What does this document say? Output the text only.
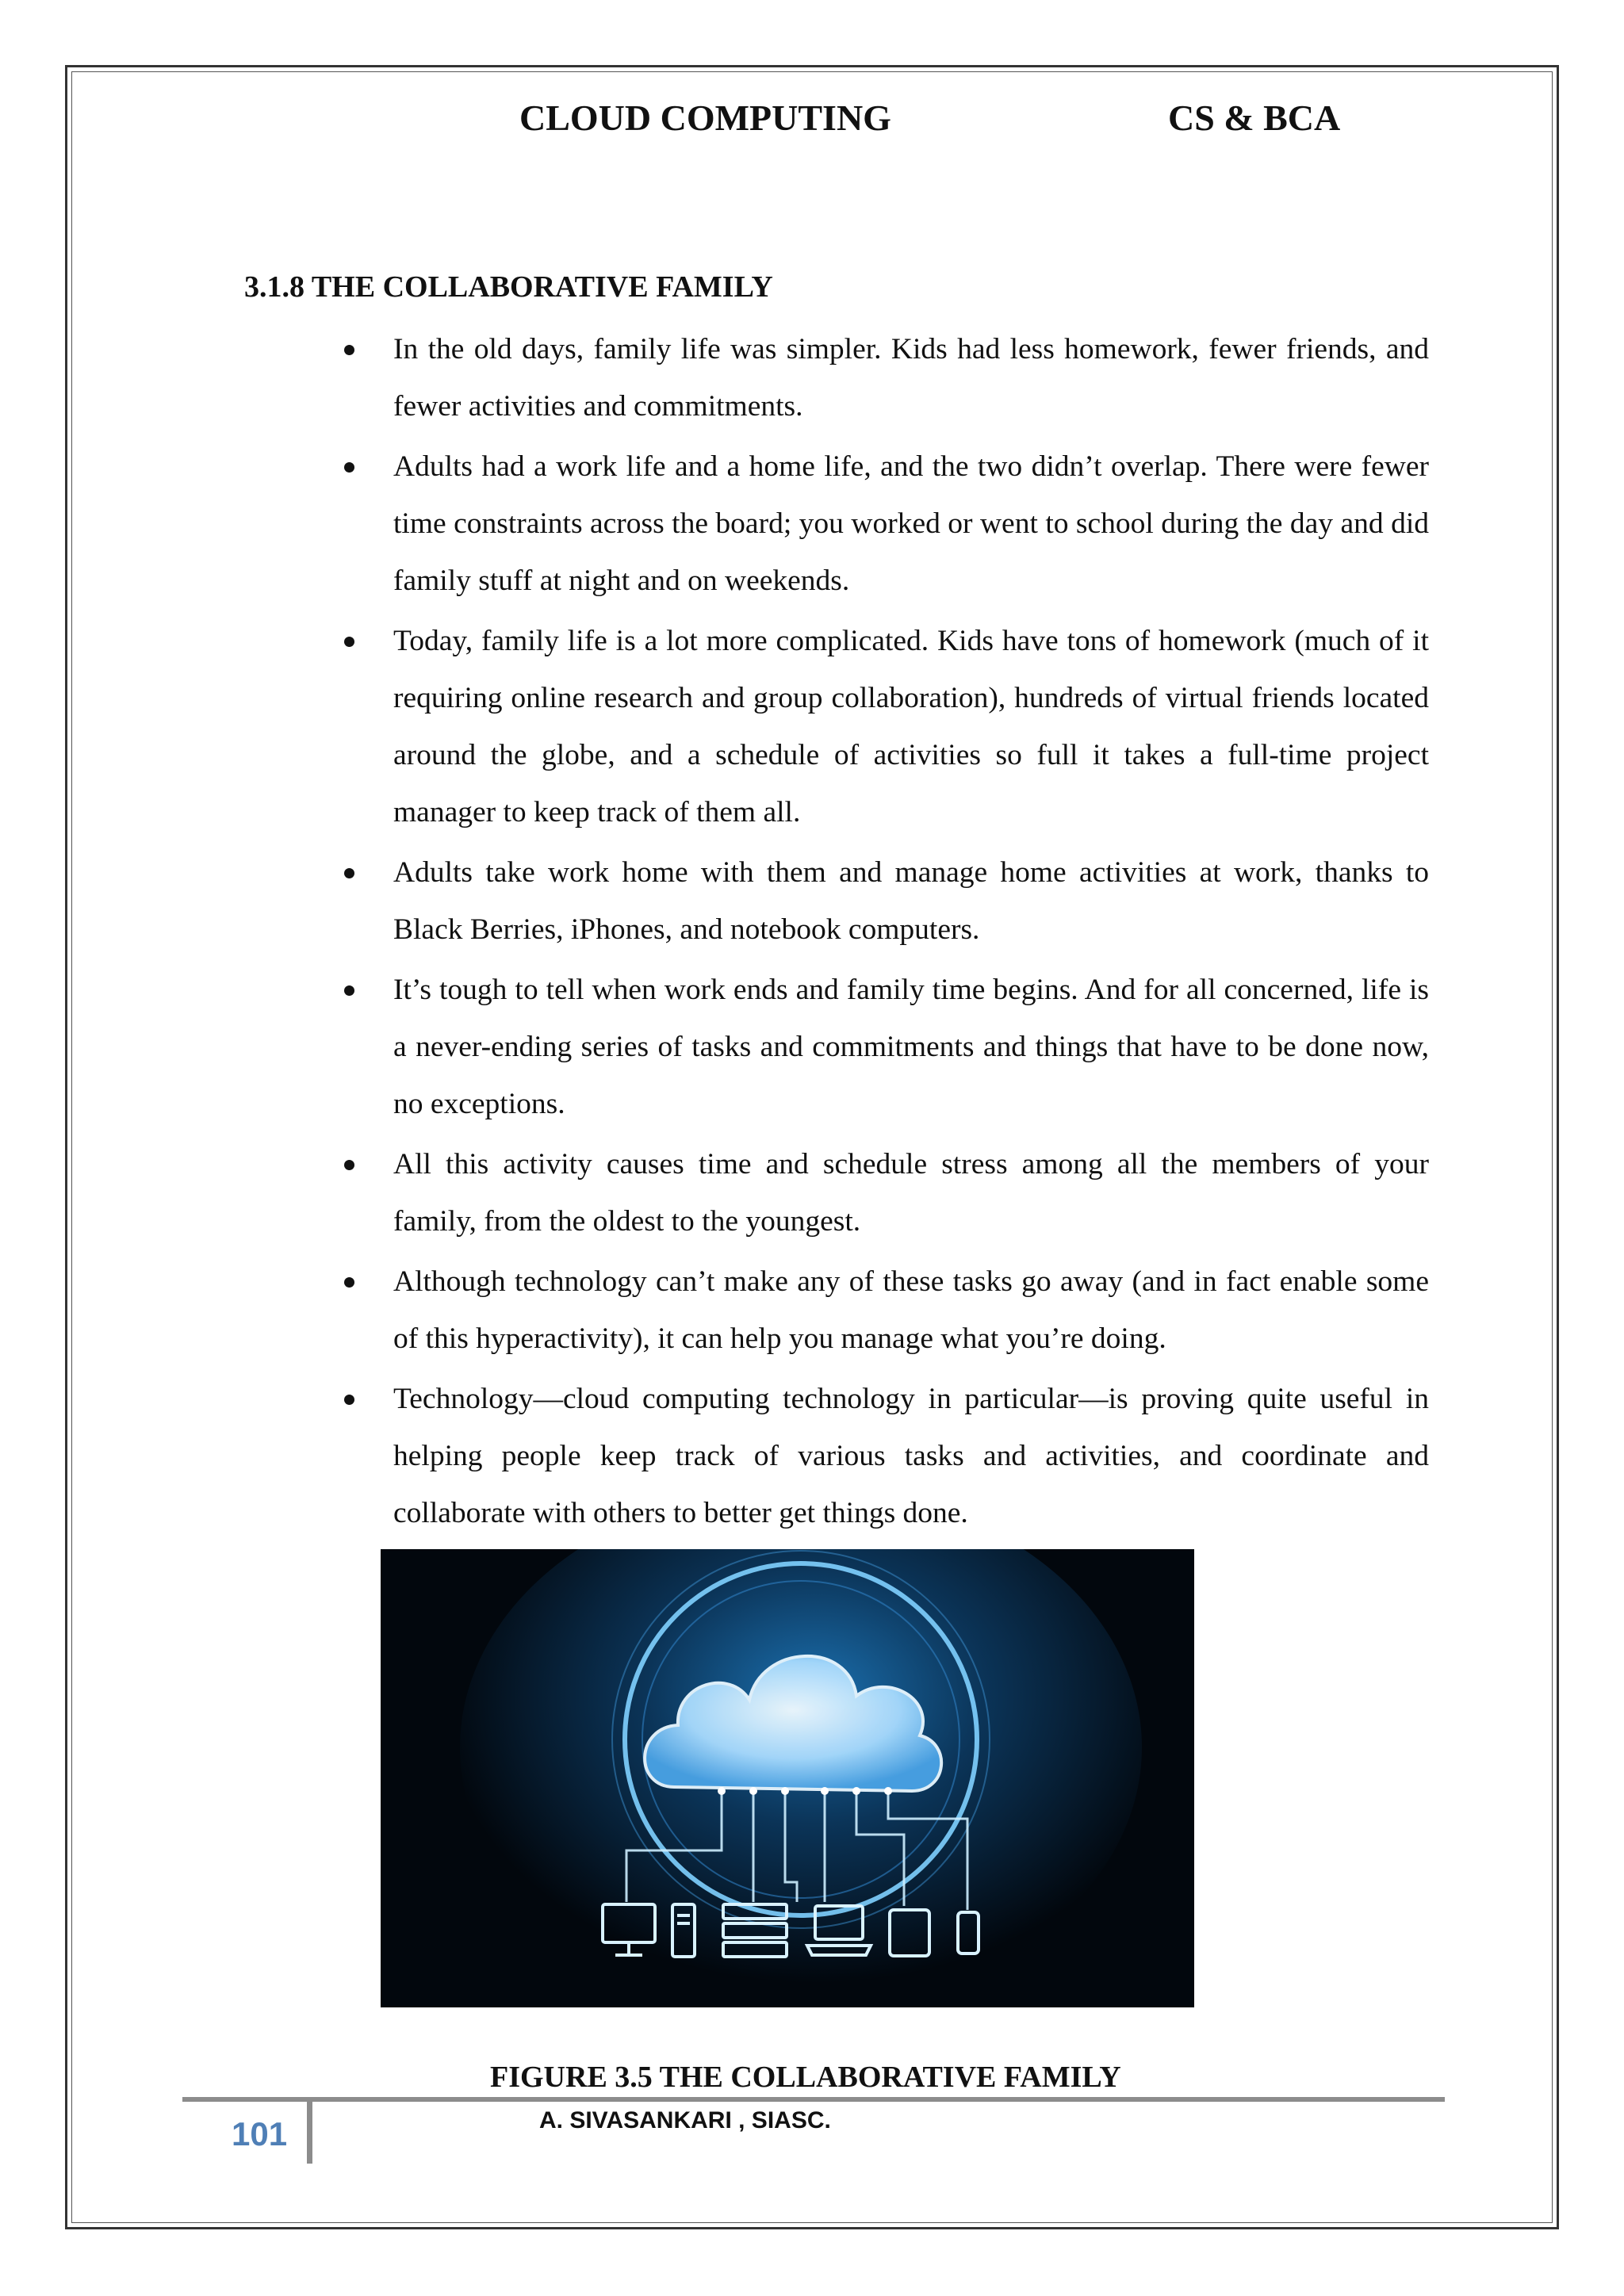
CLOUD COMPUTING	CS & BCA
3.1.8 THE COLLABORATIVE FAMILY
In the old days, family life was simpler. Kids had less homework, fewer friends, and fewer activities and commitments.
Adults had a work life and a home life, and the two didn’t overlap. There were fewer time constraints across the board; you worked or went to school during the day and did family stuff at night and on weekends.
Today, family life is a lot more complicated. Kids have tons of homework (much of it requiring online research and group collaboration), hundreds of virtual friends located around the globe, and a schedule of activities so full it takes a full-time project manager to keep track of them all.
Adults take work home with them and manage home activities at work, thanks to Black Berries, iPhones, and notebook computers.
It’s tough to tell when work ends and family time begins. And for all concerned, life is a never-ending series of tasks and commitments and things that have to be done now, no exceptions.
All this activity causes time and schedule stress among all the members of your family, from the oldest to the youngest.
Although technology can’t make any of these tasks go away (and in fact enable some of this hyperactivity), it can help you manage what you’re doing.
Technology—cloud computing technology in particular—is proving quite useful in helping people keep track of various tasks and activities, and coordinate and collaborate with others to better get things done.
FIGURE 3.5 THE COLLABORATIVE FAMILY
101	A. SIVASANKARI , SIASC.
